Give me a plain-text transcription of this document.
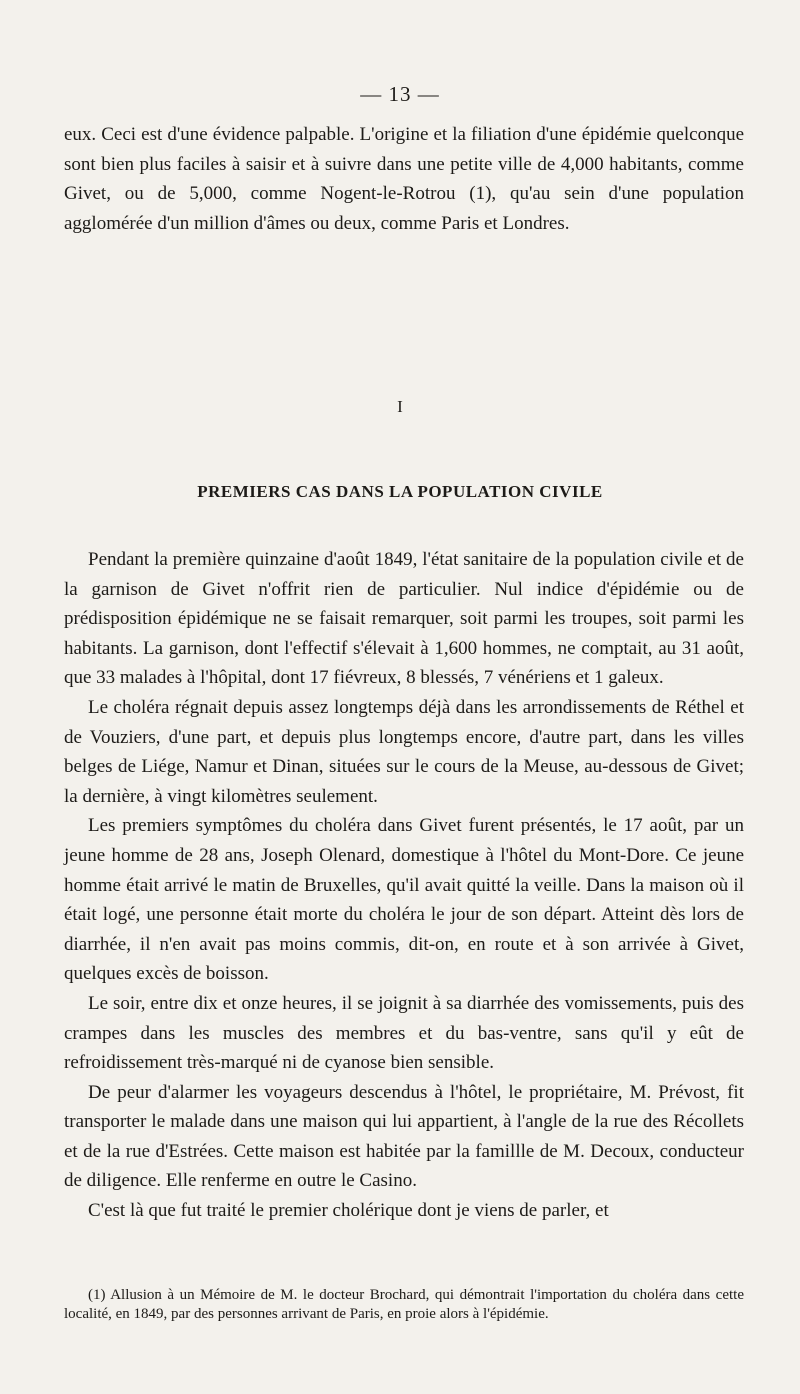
— 13 —

eux. Ceci est d'une évidence palpable. L'origine et la filiation d'une épidémie quelconque sont bien plus faciles à saisir et à suivre dans une petite ville de 4,000 habitants, comme Givet, ou de 5,000, comme Nogent-le-Rotrou (1), qu'au sein d'une population agglomérée d'un million d'âmes ou deux, comme Paris et Londres.

I
PREMIERS CAS DANS LA POPULATION CIVILE

Pendant la première quinzaine d'août 1849, l'état sanitaire de la population civile et de la garnison de Givet n'offrit rien de particulier. Nul indice d'épidémie ou de prédisposition épidémique ne se faisait remarquer, soit parmi les troupes, soit parmi les habitants. La garnison, dont l'effectif s'élevait à 1,600 hommes, ne comptait, au 31 août, que 33 malades à l'hôpital, dont 17 fiévreux, 8 blessés, 7 vénériens et 1 galeux.

Le choléra régnait depuis assez longtemps déjà dans les arrondissements de Réthel et de Vouziers, d'une part, et depuis plus longtemps encore, d'autre part, dans les villes belges de Liége, Namur et Dinan, situées sur le cours de la Meuse, au-dessous de Givet; la dernière, à vingt kilomètres seulement.

Les premiers symptômes du choléra dans Givet furent présentés, le 17 août, par un jeune homme de 28 ans, Joseph Olenard, domestique à l'hôtel du Mont-Dore. Ce jeune homme était arrivé le matin de Bruxelles, qu'il avait quitté la veille. Dans la maison où il était logé, une personne était morte du choléra le jour de son départ. Atteint dès lors de diarrhée, il n'en avait pas moins commis, dit-on, en route et à son arrivée à Givet, quelques excès de boisson.

Le soir, entre dix et onze heures, il se joignit à sa diarrhée des vomissements, puis des crampes dans les muscles des membres et du bas-ventre, sans qu'il y eût de refroidissement très-marqué ni de cyanose bien sensible.

De peur d'alarmer les voyageurs descendus à l'hôtel, le propriétaire, M. Prévost, fit transporter le malade dans une maison qui lui appartient, à l'angle de la rue des Récollets et de la rue d'Estrées. Cette maison est habitée par la famillle de M. Decoux, conducteur de diligence. Elle renferme en outre le Casino.

C'est là que fut traité le premier cholérique dont je viens de parler, et

(1) Allusion à un Mémoire de M. le docteur Brochard, qui démontrait l'importation du choléra dans cette localité, en 1849, par des personnes arrivant de Paris, en proie alors à l'épidémie.
